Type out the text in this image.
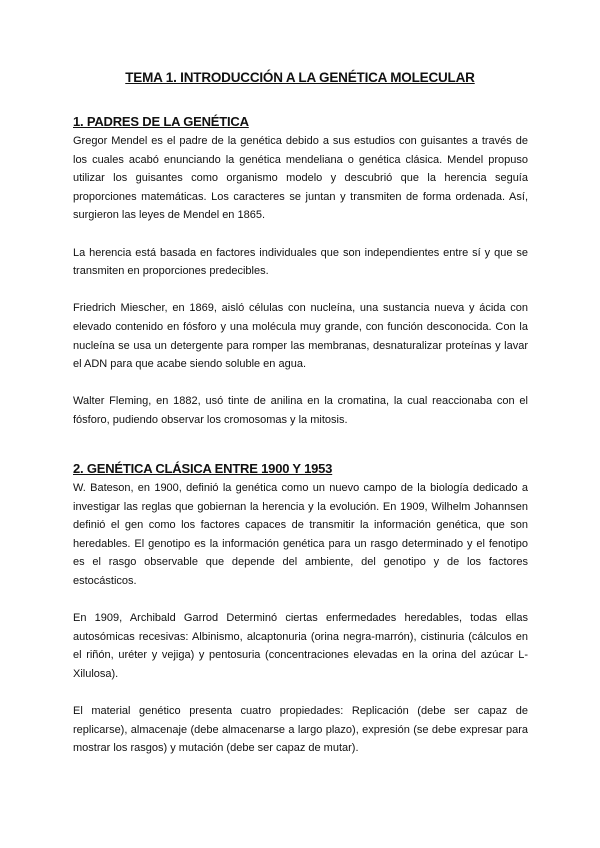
TEMA 1. INTRODUCCIÓN A LA GENÉTICA MOLECULAR
1. PADRES DE LA GENÉTICA

Gregor Mendel es el padre de la genética debido a sus estudios con guisantes a través de los cuales acabó enunciando la genética mendeliana o genética clásica. Mendel propuso utilizar los guisantes como organismo modelo y descubrió que la herencia seguía proporciones matemáticas. Los caracteres se juntan y transmiten de forma ordenada. Así, surgieron las leyes de Mendel en 1865.

La herencia está basada en factores individuales que son independientes entre sí y que se transmiten en proporciones predecibles.

Friedrich Miescher, en 1869, aisló células con nucleína, una sustancia nueva y ácida con elevado contenido en fósforo y una molécula muy grande, con función desconocida. Con la nucleína se usa un detergente para romper las membranas, desnaturalizar proteínas y lavar el ADN para que acabe siendo soluble en agua.

Walter Fleming, en 1882, usó tinte de anilina en la cromatina, la cual reaccionaba con el fósforo, pudiendo observar los cromosomas y la mitosis.

2. GENÉTICA CLÁSICA ENTRE 1900 Y 1953

W. Bateson, en 1900, definió la genética como un nuevo campo de la biología dedicado a investigar las reglas que gobiernan la herencia y la evolución. En 1909, Wilhelm Johannsen definió el gen como los factores capaces de transmitir la información genética, que son heredables. El genotipo es la información genética para un rasgo determinado y el fenotipo es el rasgo observable que depende del ambiente, del genotipo y de los factores estocásticos.

En 1909, Archibald Garrod Determinó ciertas enfermedades heredables, todas ellas autosómicas recesivas: Albinismo, alcaptonuria (orina negra-marrón), cistinuria (cálculos en el riñón, uréter y vejiga) y pentosuria (concentraciones elevadas en la orina del azúcar L-Xilulosa).

El material genético presenta cuatro propiedades: Replicación (debe ser capaz de replicarse), almacenaje (debe almacenarse a largo plazo), expresión (se debe expresar para mostrar los rasgos) y mutación (debe ser capaz de mutar).
